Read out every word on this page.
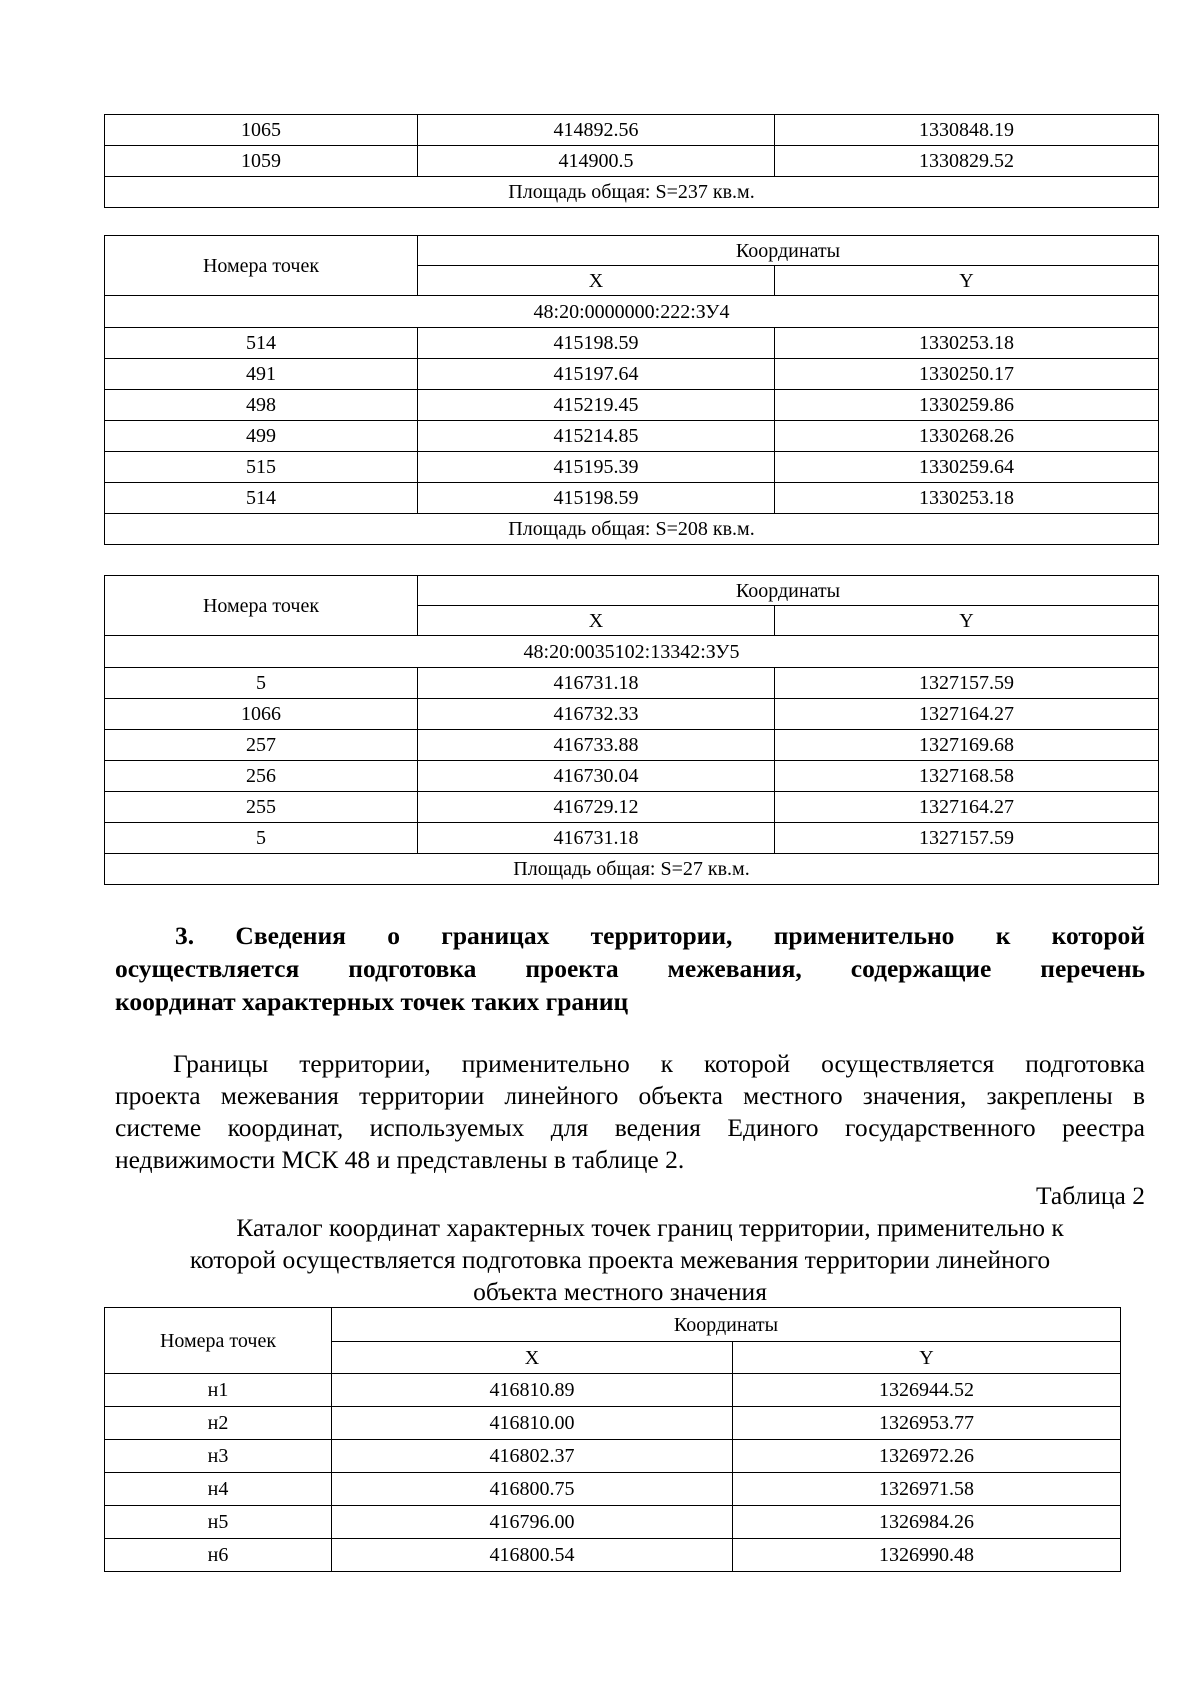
1065	414892.56	1330848.19
1059	414900.5	1330829.52
Площадь общая: S=237 кв.м.		
Номера точек	Координаты	
	X	Y
48:20:0000000:222:ЗУ4		
514	415198.59	1330253.18
491	415197.64	1330250.17
498	415219.45	1330259.86
499	415214.85	1330268.26
515	415195.39	1330259.64
514	415198.59	1330253.18
Площадь общая: S=208 кв.м.		
Номера точек	Координаты	
	X	Y
48:20:0035102:13342:ЗУ5		
5	416731.18	1327157.59
1066	416732.33	1327164.27
257	416733.88	1327169.68
256	416730.04	1327168.58
255	416729.12	1327164.27
5	416731.18	1327157.59
Площадь общая: S=27 кв.м.		
3. Сведения о границах территории, применительно к которой
осуществляется подготовка проекта межевания, содержащие перечень
координат характерных точек таких границ
Границы территории, применительно к которой осуществляется подготовка
проекта межевания территории линейного объекта местного значения, закреплены в
системе координат, используемых для ведения Единого государственного реестра
недвижимости МСК 48 и представлены в таблице 2.
Таблица 2
Каталог координат характерных точек границ территории, применительно к
которой осуществляется подготовка проекта межевания территории линейного
объекта местного значения
Номера точек	Координаты	
	X	Y
н1	416810.89	1326944.52
н2	416810.00	1326953.77
н3	416802.37	1326972.26
н4	416800.75	1326971.58
н5	416796.00	1326984.26
н6	416800.54	1326990.48
